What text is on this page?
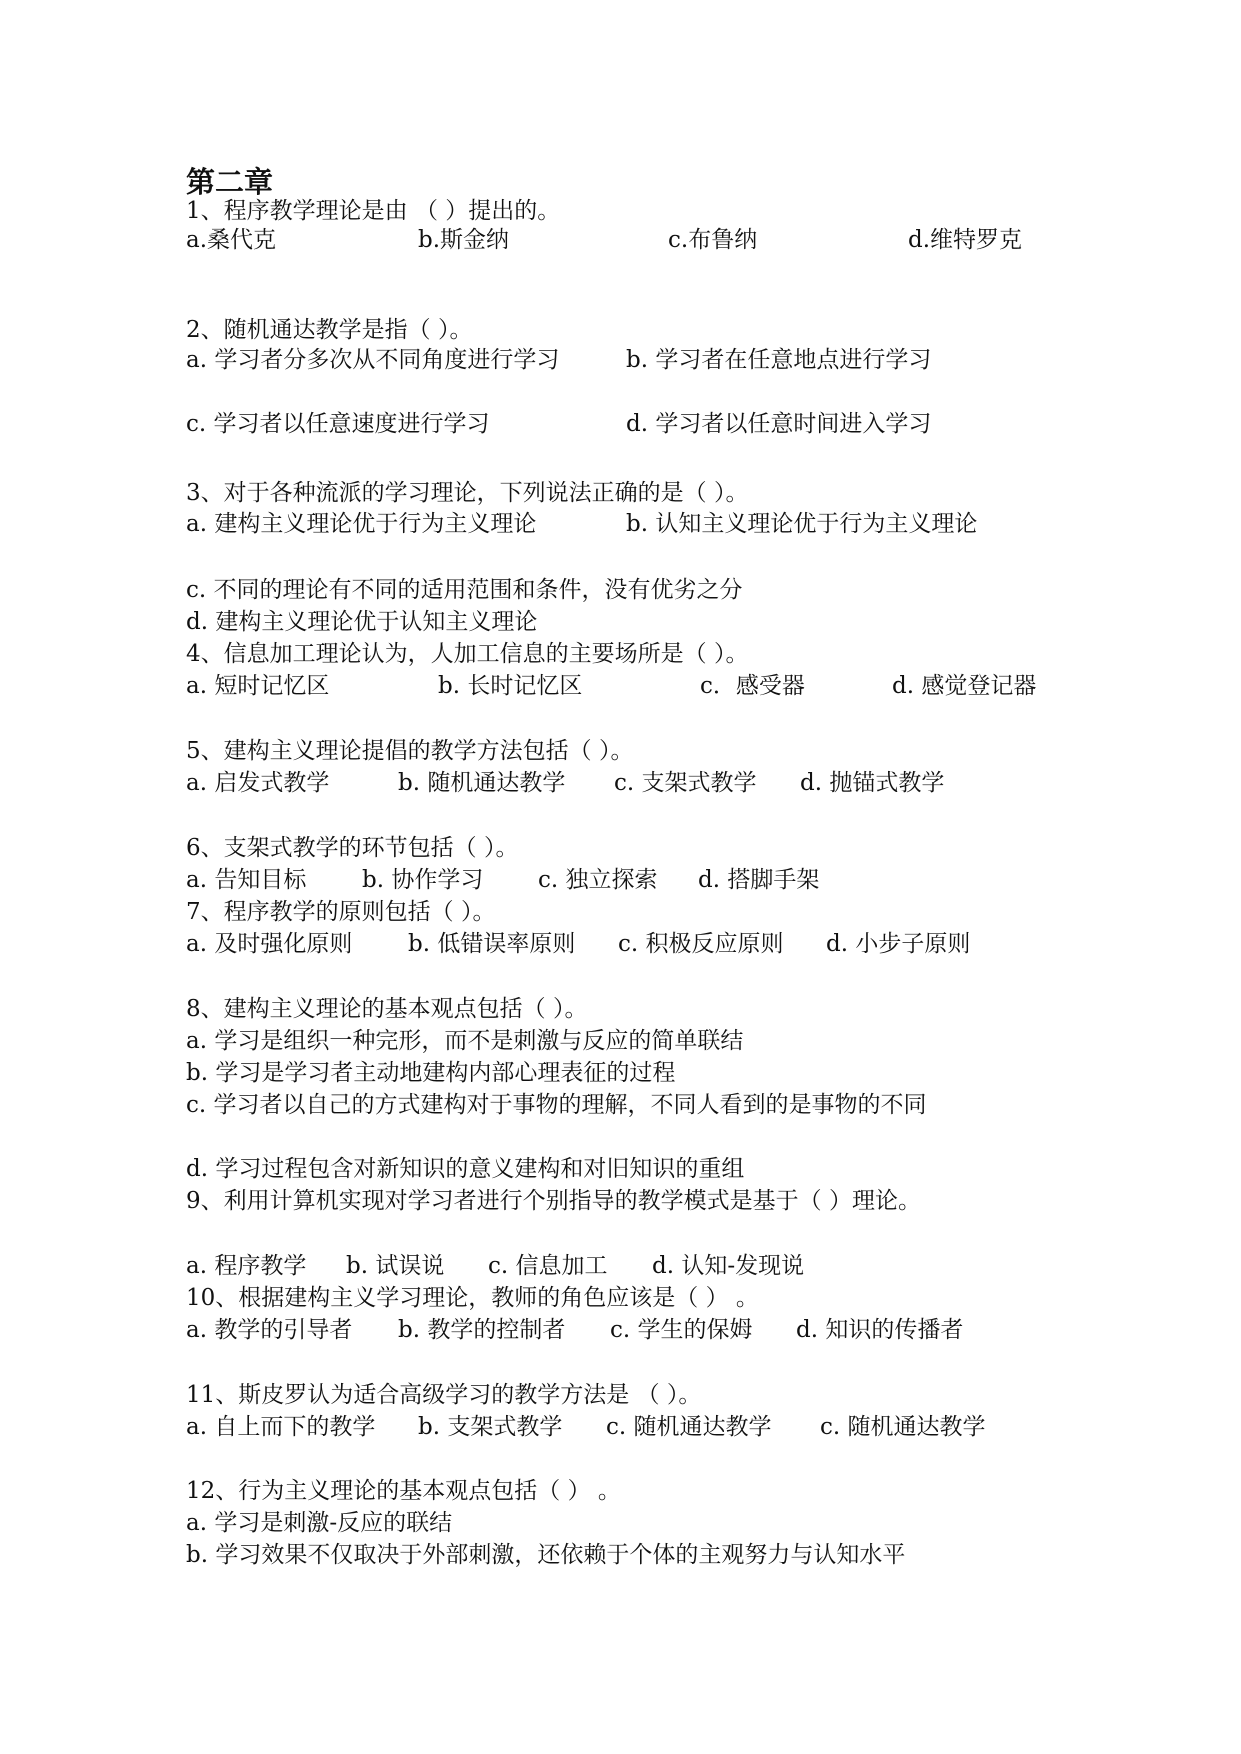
第二章
1、程序教学理论是由 （ ）提出的。
a.桑代克	b.斯金纳	c.布鲁纳	d.维特罗克
2、随机通达教学是指（ ）。
a. 学习者分多次从不同角度进行学习	b. 学习者在任意地点进行学习
c. 学习者以任意速度进行学习	d. 学习者以任意时间进入学习
3、对于各种流派的学习理论，下列说法正确的是（ ）。
a. 建构主义理论优于行为主义理论	b. 认知主义理论优于行为主义理论
c. 不同的理论有不同的适用范围和条件，没有优劣之分
d. 建构主义理论优于认知主义理论
4、信息加工理论认为，人加工信息的主要场所是（ ）。
a. 短时记忆区	b. 长时记忆区	c．感受器	d. 感觉登记器
5、建构主义理论提倡的教学方法包括（ ）。
a. 启发式教学	b. 随机通达教学 c. 支架式教学 d. 抛锚式教学
6、支架式教学的环节包括（ ）。
a. 告知目标 b. 协作学习 c. 独立探索 d. 搭脚手架
7、程序教学的原则包括（ ）。
a. 及时强化原则 b. 低错误率原则 c. 积极反应原则 d. 小步子原则
8、建构主义理论的基本观点包括（ ）。
a. 学习是组织一种完形，而不是刺激与反应的简单联结
b. 学习是学习者主动地建构内部心理表征的过程
c. 学习者以自己的方式建构对于事物的理解，不同人看到的是事物的不同
d. 学习过程包含对新知识的意义建构和对旧知识的重组
9、利用计算机实现对学习者进行个别指导的教学模式是基于（ ）理论。
a. 程序教学 b. 试误说 c. 信息加工 d. 认知-发现说
10、根据建构主义学习理论，教师的角色应该是（ ） 。
a. 教学的引导者 b. 教学的控制者 c. 学生的保姆 d. 知识的传播者
11、斯皮罗认为适合高级学习的教学方法是 （ ）。
a. 自上而下的教学 b. 支架式教学 c. 随机通达教学 c. 随机通达教学
12、行为主义理论的基本观点包括（ ） 。
a. 学习是刺激-反应的联结
b. 学习效果不仅取决于外部刺激，还依赖于个体的主观努力与认知水平
